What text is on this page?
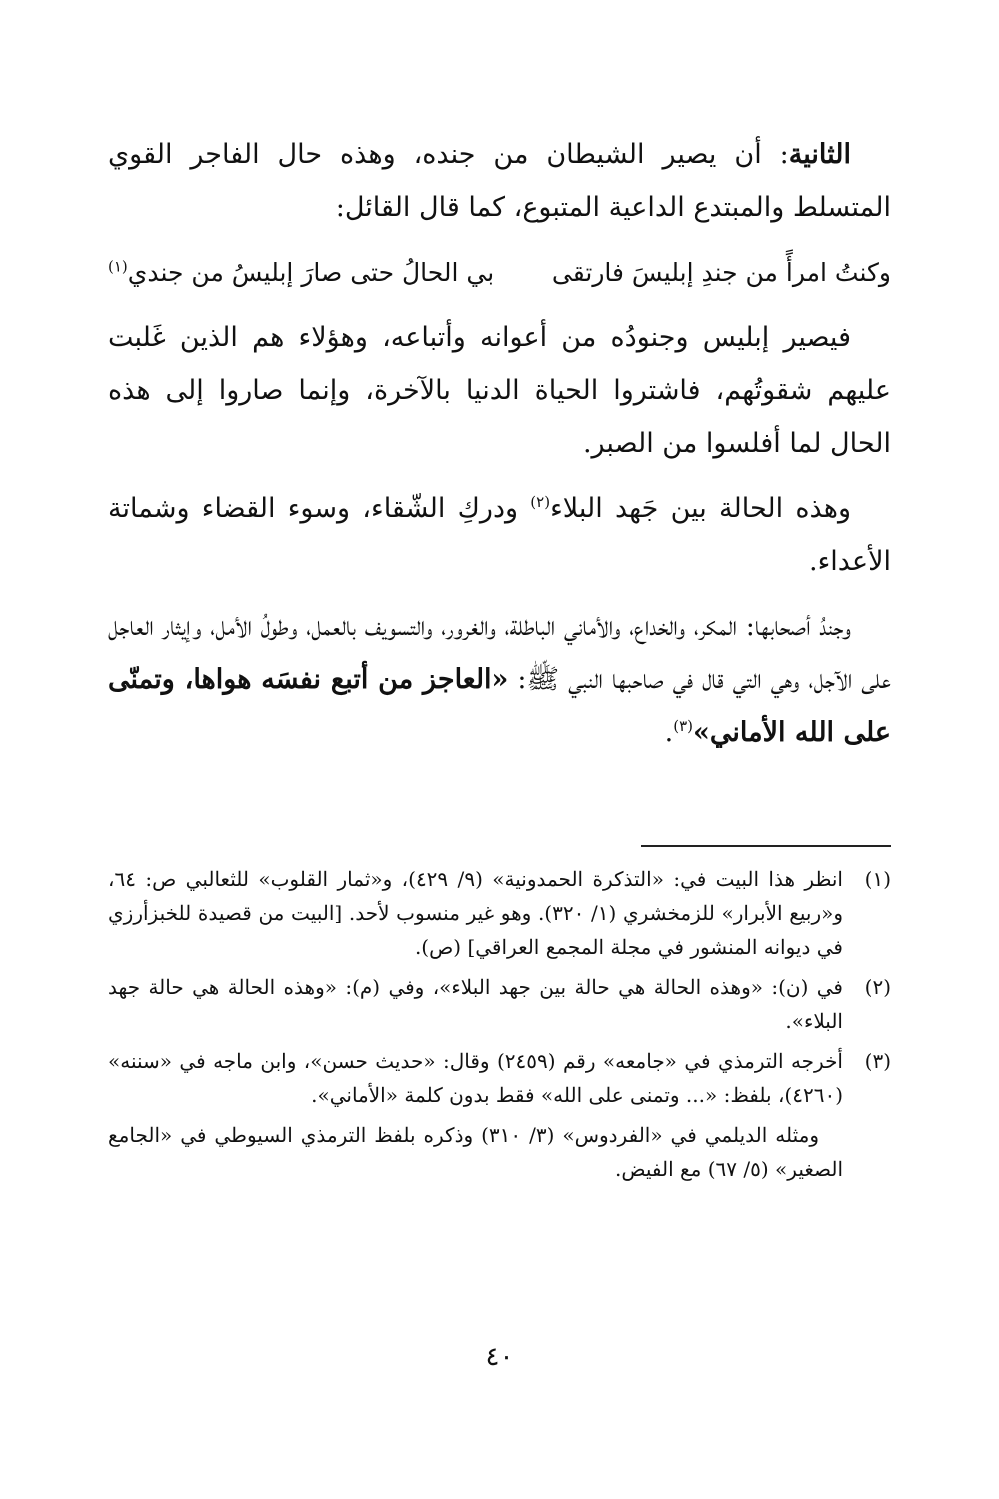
الثانية: أن يصير الشيطان من جنده، وهذه حال الفاجر القوي المتسلط والمبتدع الداعية المتبوع، كما قال القائل:

وكنتُ امرأً من جندِ إبليسَ فارتقى
بي الحالُ حتى صارَ إبليسُ من جندي$^{(١)}$

فيصير إبليس وجنودُه من أعوانه وأتباعه، وهؤلاء هم الذين غَلبت عليهم شقوتُهم، فاشتروا الحياة الدنيا بالآخرة، وإنما صاروا إلى هذه الحال لما أفلسوا من الصبر.

وهذه الحالة بين جَهد البلاء$^{(٢)}$ ودركِ الشّقاء، وسوء القضاء وشماتة الأعداء.

وجندُ أصحابها: المكر، والخداع، والأماني الباطلة، والغرور، والتسويف بالعمل، وطولُ الأمل، وإيثار العاجل على الآجل، وهي التي قال في صاحبها النبي ﷺ: «العاجز من أتبع نفسَه هواها، وتمنّى على الله الأماني»$^{(٣)}$.

(١)
انظر هذا البيت في: «التذكرة الحمدونية» (٩/ ٤٢٩)، و«ثمار القلوب» للثعالبي ص: ٦٤، و«ربيع الأبرار» للزمخشري (١/ ٣٢٠). وهو غير منسوب لأحد. [البيت من قصيدة للخبزأرزي في ديوانه المنشور في مجلة المجمع العراقي] (ص).
(٢)
في (ن): «وهذه الحالة هي حالة بين جهد البلاء»، وفي (م): «وهذه الحالة هي حالة جهد البلاء».
(٣)
أخرجه الترمذي في «جامعه» رقم (٢٤٥٩) وقال: «حديث حسن»، وابن ماجه في «سننه» (٤٢٦٠)، بلفظ: «... وتمنى على الله» فقط بدون كلمة «الأماني».
ومثله الديلمي في «الفردوس» (٣/ ٣١٠) وذكره بلفظ الترمذي السيوطي في «الجامع الصغير» (٥/ ٦٧) مع الفيض.
٤٠
